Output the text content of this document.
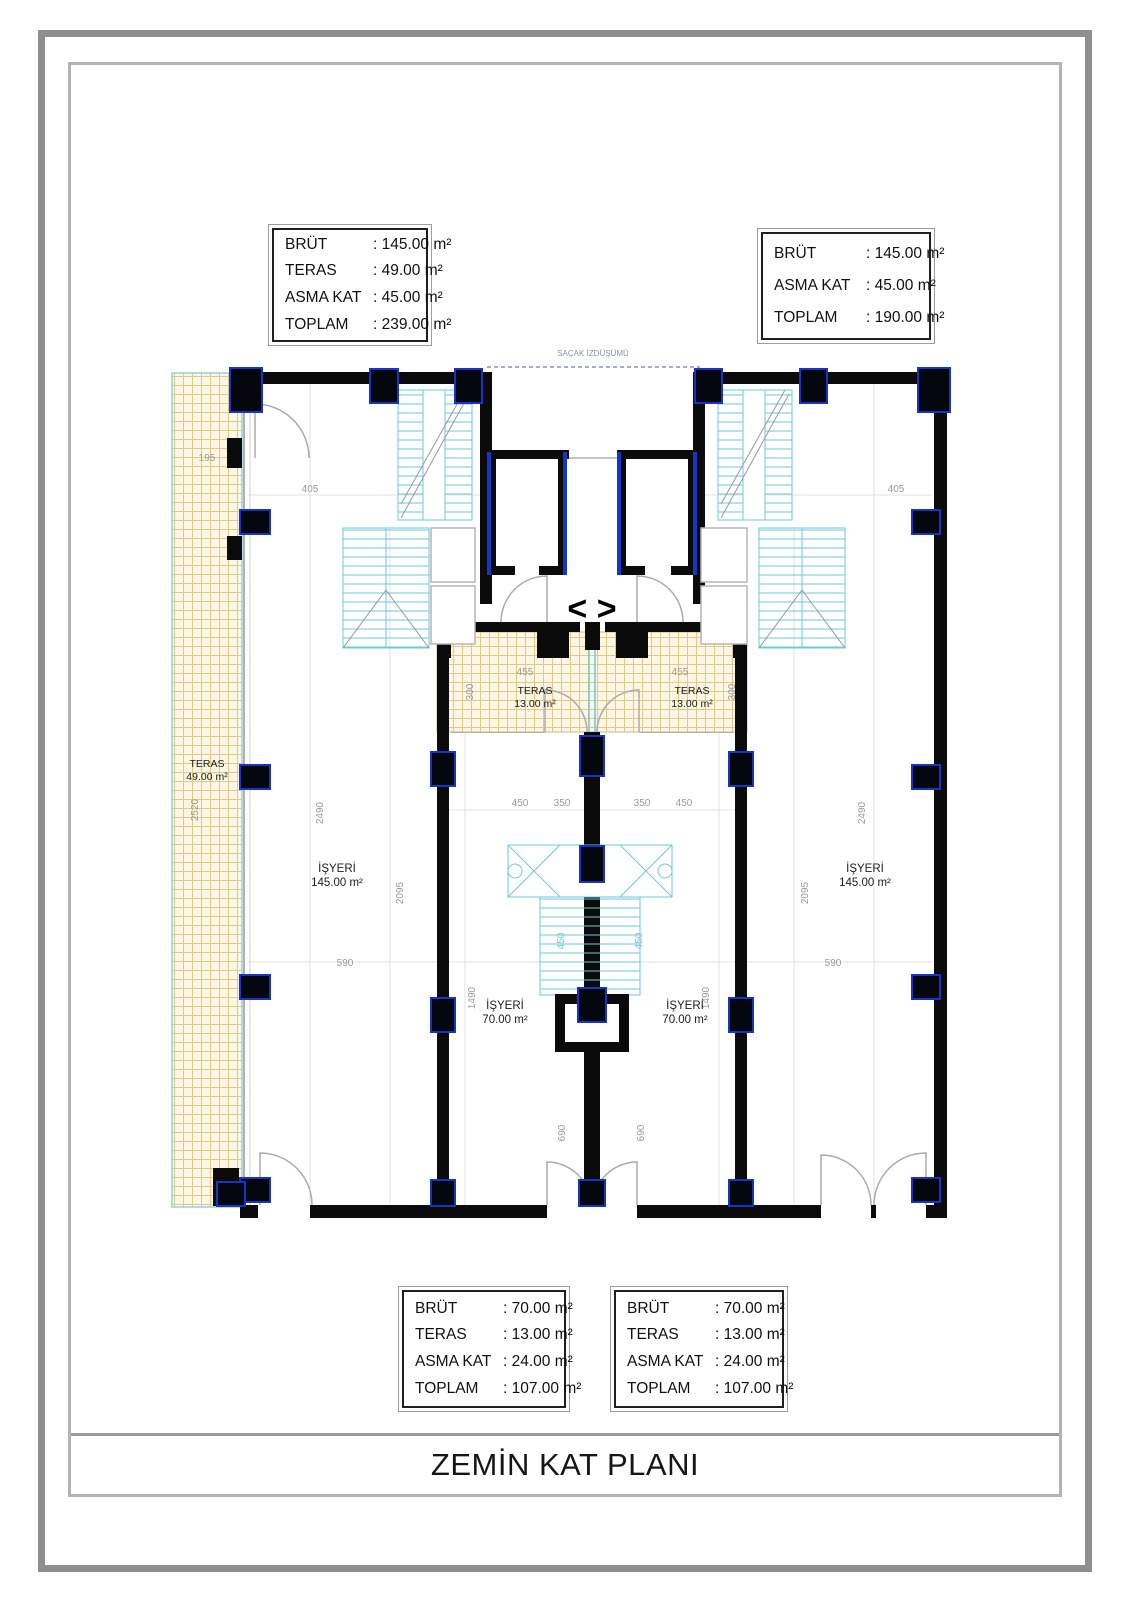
ZEMİN KAT PLANI
BRÜT	: 145.00 m²
TERAS	: 49.00 m²
ASMA KAT : 45.00 m²
TOPLAM	: 239.00 m²
BRÜT	: 145.00 m²
ASMA KAT	: 45.00 m²
TOPLAM	: 190.00 m²
BRÜT	: 70.00 m²
TERAS	: 13.00 m²
ASMA KAT : 24.00 m²
TOPLAM	: 107.00 m²
BRÜT	: 70.00 m²
TERAS	: 13.00 m²
ASMA KAT : 24.00 m²
TOPLAM	: 107.00 m²
SAÇAK İZDÜŞÜMÜ
< >
195
405	405
2520	2490	2490
2095	2095
590	590
1490	1490
690	690
450	350	350	450
450	450
455	455
300	300
TERAS
49.00 m²
İŞYERİ
145.00 m²
İŞYERİ
145.00 m²
İŞYERİ
70.00 m²
İŞYERİ
70.00 m²
TERAS
13.00 m²
TERAS
13.00 m²
